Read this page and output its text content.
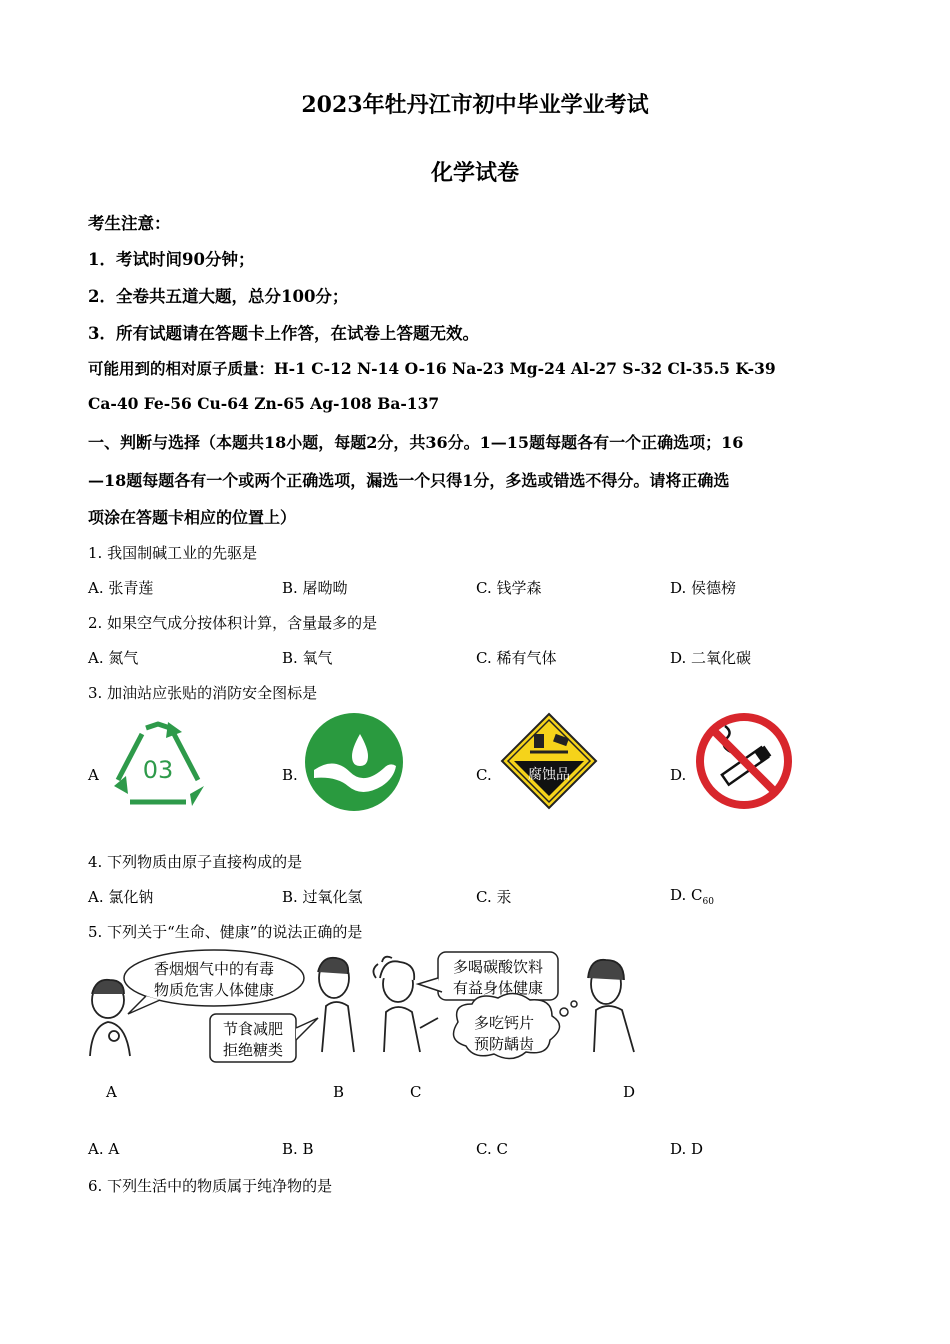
2023年牡丹江市初中毕业学业考试
化学试卷
考生注意：
1．考试时间90分钟；
2．全卷共五道大题，总分100分；
3．所有试题请在答题卡上作答，在试卷上答题无效。
可能用到的相对原子质量：H-1 C-12 N-14 O-16 Na-23 Mg-24 Al-27 S-32 Cl-35.5 K-39
Ca-40 Fe-56 Cu-64 Zn-65 Ag-108 Ba-137
一、判断与选择（本题共18小题，每题2分，共36分。1—15题每题各有一个正确选项；16
—18题每题各有一个或两个正确选项，漏选一个只得1分，多选或错选不得分。请将正确选
项涂在答题卡相应的位置上）
1. 我国制碱工业的先驱是
A. 张青莲	B. 屠呦呦	C. 钱学森	D. 侯德榜
2. 如果空气成分按体积计算，含量最多的是
A. 氮气	B. 氧气	C. 稀有气体	D. 二氧化碳
3. 加油站应张贴的消防安全图标是
A	B.	C.	D.
03	腐蚀品
4. 下列物质由原子直接构成的是
A. 氯化钠	B. 过氧化氢	C. 汞	D. $C_{60}$
5. 下列关于“生命、健康”的说法正确的是
香烟烟气中的有毒
物质危害人体健康
节食减肥
拒绝糖类
多喝碳酸饮料
有益身体健康
多吃钙片
预防龋齿
A	B	C	D
A. A	B. B	C. C	D. D
6. 下列生活中的物质属于纯净物的是
